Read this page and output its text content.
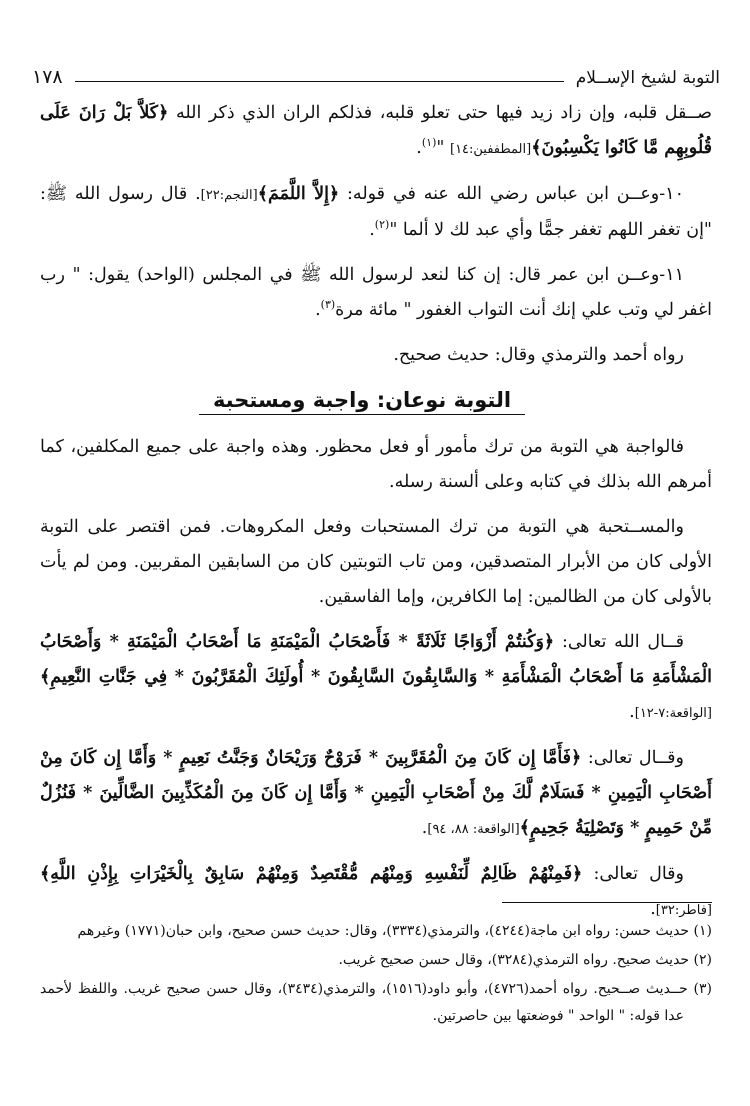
التوبة لشيخ الإســلام
١٧٨

صــقل قلبه، وإن زاد زيد فيها حتى تعلو قلبه، فذلكم الران الذي ذكر الله ﴿كَلاَّ بَلْ رَانَ عَلَى قُلُوبِهِم مَّا كَانُوا يَكْسِبُونَ﴾[المطففين:١٤] "$^{(١)}$.

١٠-وعــن ابن عباس رضي الله عنه في قوله: ﴿إِلاَّ اللَّمَمَ﴾[النجم:٢٢]. قال رسول الله ﷺ: "إن تغفر اللهم تغفر جمًّا وأي عبد لك لا ألما "$^{(٢)}$.

١١-وعــن ابن عمر قال: إن كنا لنعد لرسول الله ﷺ في المجلس (الواحد) يقول: " رب اغفر لي وتب علي إنك أنت التواب الغفور " مائة مرة$^{(٣)}$.

رواه أحمد والترمذي وقال: حديث صحيح.

التوبة نوعان: واجبة ومستحبة

فالواجبة هي التوبة من ترك مأمور أو فعل محظور. وهذه واجبة على جميع المكلفين، كما أمرهم الله بذلك في كتابه وعلى ألسنة رسله.

والمســتحبة هي التوبة من ترك المستحبات وفعل المكروهات. فمن اقتصر على التوبة الأولى كان من الأبرار المتصدقين، ومن تاب التوبتين كان من السابقين المقربين. ومن لم يأت بالأولى كان من الظالمين: إما الكافرين، وإما الفاسقين.

قــال الله تعالى: ﴿وَكُنتُمْ أَزْوَاجًا ثَلَاثَةً * فَأَصْحَابُ الْمَيْمَنَةِ مَا أَصْحَابُ الْمَيْمَنَةِ * وَأَصْحَابُ الْمَشْأَمَةِ مَا أَصْحَابُ الْمَشْأَمَةِ * وَالسَّابِقُونَ السَّابِقُونَ * أُولَئِكَ الْمُقَرَّبُونَ * فِي جَنَّاتِ النَّعِيمِ﴾[الواقعة:٧-١٢].

وقــال تعالى: ﴿فَأَمَّا إِن كَانَ مِنَ الْمُقَرَّبِينَ * فَرَوْحٌ وَرَيْحَانٌ وَجَنَّتُ نَعِيمٍ * وَأَمَّا إِن كَانَ مِنْ أَصْحَابِ الْيَمِينِ * فَسَلَامٌ لَّكَ مِنْ أَصْحَابِ الْيَمِينِ * وَأَمَّا إِن كَانَ مِنَ الْمُكَذِّبِينَ الضَّالِّينَ * فَنُزُلٌ مِّنْ حَمِيمٍ * وَتَصْلِيَةُ جَحِيمٍ﴾[الواقعة: ٨٨، ٩٤].

وقال تعالى: ﴿فَمِنْهُمْ ظَالِمٌ لِّنَفْسِهِ وَمِنْهُم مُّقْتَصِدٌ وَمِنْهُمْ سَابِقٌ بِالْخَيْرَاتِ بِإِذْنِ اللَّهِ﴾[فاطر:٣٢].

(١) حديث حسن: رواه ابن ماجة(٤٢٤٤)، والترمذي(٣٣٣٤)، وقال: حديث حسن صحيح، وابن حبان(١٧٧١) وغيرهم

(٢) حديث صحيح. رواه الترمذي(٣٢٨٤)، وقال حسن صحيح غريب.

(٣) حــديث صــحيح. رواه أحمد(٤٧٢٦)، وأبو داود(١٥١٦)، والترمذي(٣٤٣٤)، وقال حسن صحيح غريب. واللفظ لأحمد عدا قوله: " الواحد " فوضعتها بين حاصرتين.
